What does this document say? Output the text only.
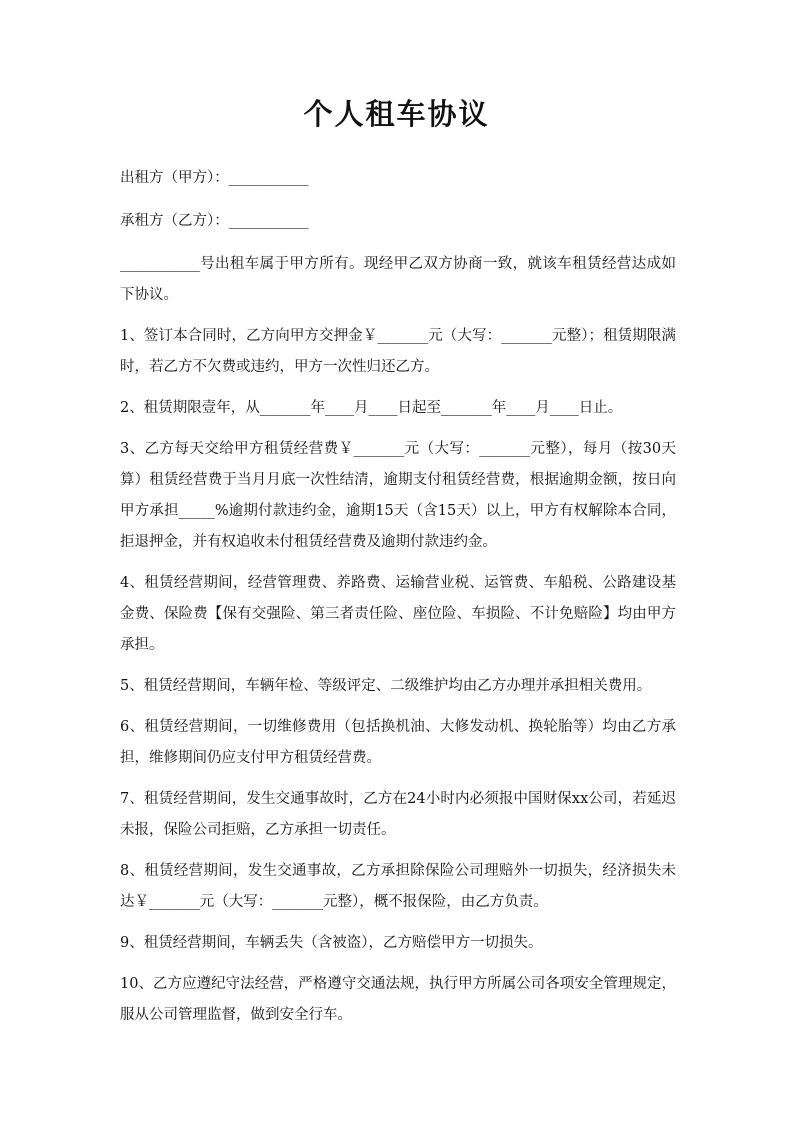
个人租车协议

出租方（甲方）：___________

承租方（乙方）：___________

___________号出租车属于甲方所有。现经甲乙双方协商一致，就该车租赁经营达成如下协议。

1、签订本合同时，乙方向甲方交押金￥_______元（大写：_______元整）；租赁期限满时，若乙方不欠费或违约，甲方一次性归还乙方。

2、租赁期限壹年，从_______年____月____日起至_______年____月____日止。

3、乙方每天交给甲方租赁经营费￥_______元（大写：_______元整），每月（按30天算）租赁经营费于当月月底一次性结清，逾期支付租赁经营费，根据逾期金额，按日向甲方承担_____%逾期付款违约金，逾期15天（含15天）以上，甲方有权解除本合同，拒退押金，并有权追收未付租赁经营费及逾期付款违约金。

4、租赁经营期间，经营管理费、养路费、运输营业税、运管费、车船税、公路建设基金费、保险费【保有交强险、第三者责任险、座位险、车损险、不计免赔险】均由甲方承担。

5、租赁经营期间，车辆年检、等级评定、二级维护均由乙方办理并承担相关费用。

6、租赁经营期间，一切维修费用（包括换机油、大修发动机、换轮胎等）均由乙方承担，维修期间仍应支付甲方租赁经营费。

7、租赁经营期间，发生交通事故时，乙方在24小时内必须报中国财保xx公司，若延迟未报，保险公司拒赔，乙方承担一切责任。

8、租赁经营期间，发生交通事故，乙方承担除保险公司理赔外一切损失，经济损失未达￥_______元（大写：_______元整），概不报保险，由乙方负责。

9、租赁经营期间，车辆丢失（含被盗），乙方赔偿甲方一切损失。

10、乙方应遵纪守法经营，严格遵守交通法规，执行甲方所属公司各项安全管理规定，服从公司管理监督，做到安全行车。
